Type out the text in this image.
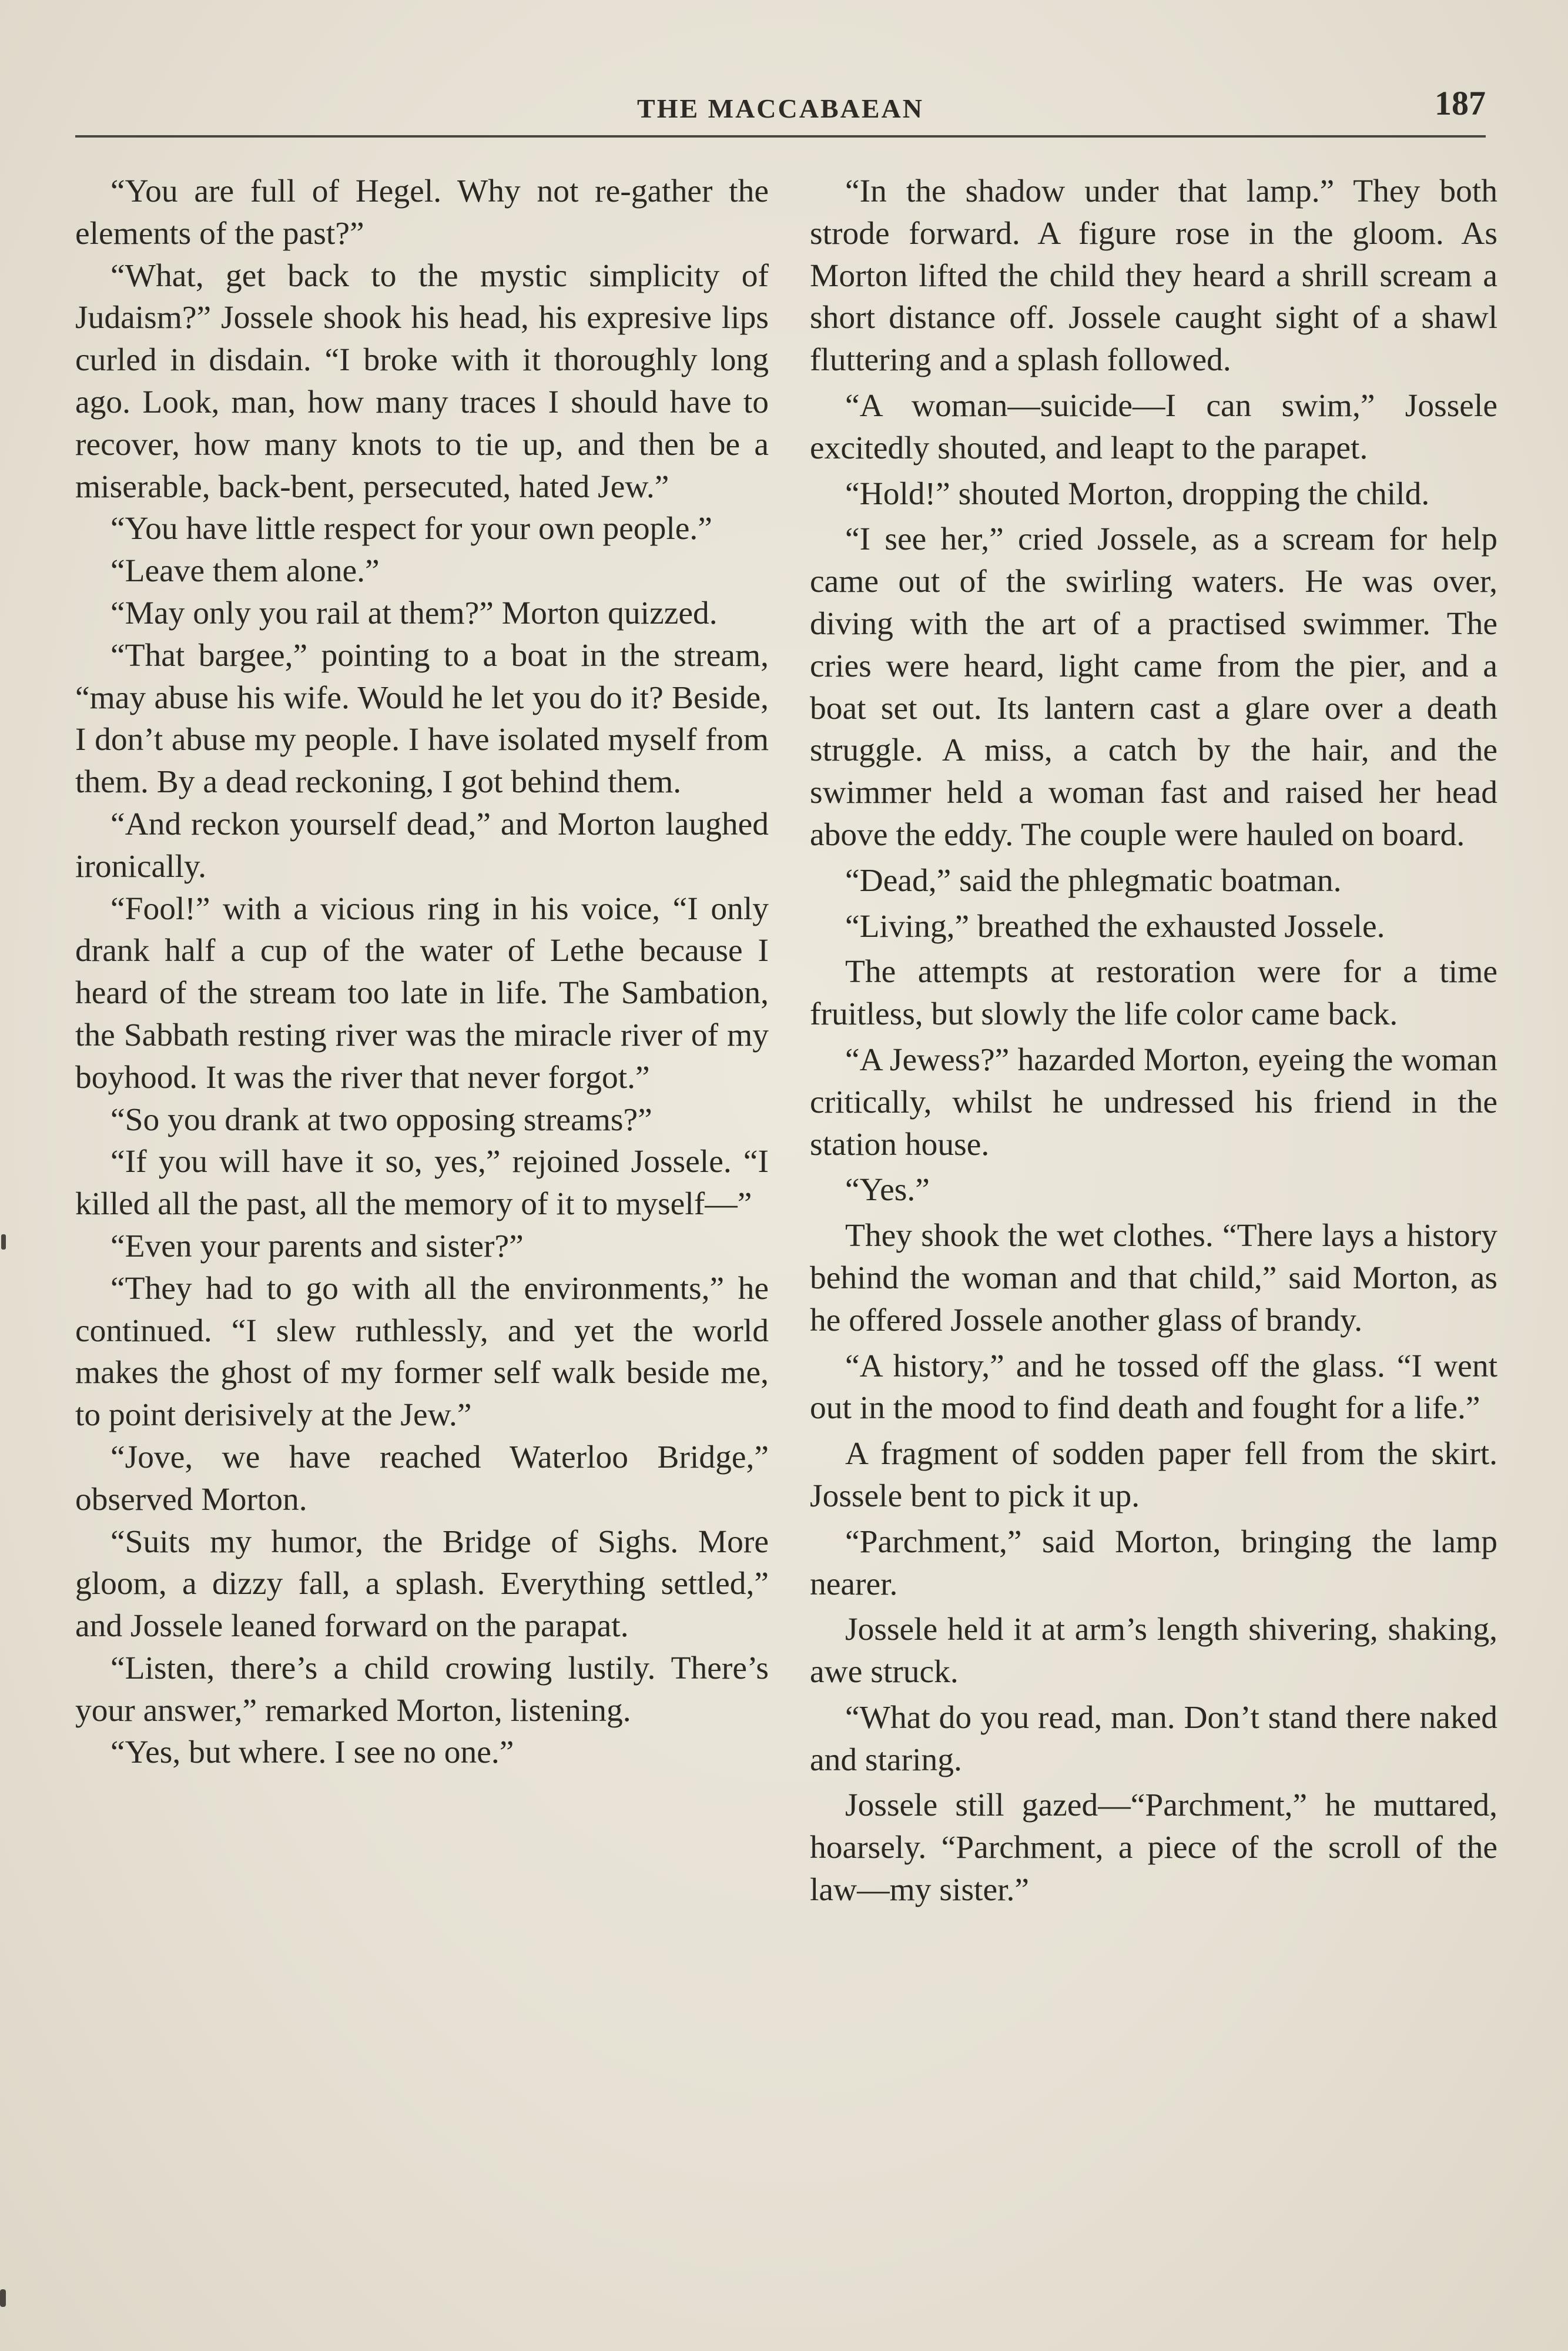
THE MACCABAEAN	187

“You are full of Hegel. Why not re-gather the elements of the past?”

“What, get back to the mystic simplicity of Judaism?” Jossele shook his head, his expresive lips curled in disdain. “I broke with it thoroughly long ago. Look, man, how many traces I should have to recover, how many knots to tie up, and then be a miserable, back-bent, persecuted, hated Jew.”

“You have little respect for your own people.”

“Leave them alone.”

“May only you rail at them?” Morton quizzed.

“That bargee,” pointing to a boat in the stream, “may abuse his wife. Would he let you do it? Beside, I don’t abuse my people. I have isolated myself from them. By a dead reckoning, I got behind them.

“And reckon yourself dead,” and Morton laughed ironically.

“Fool!” with a vicious ring in his voice, “I only drank half a cup of the water of Lethe because I heard of the stream too late in life. The Sambation, the Sabbath resting river was the miracle river of my boyhood. It was the river that never forgot.”

“So you drank at two opposing streams?”

“If you will have it so, yes,” rejoined Jossele. “I killed all the past, all the memory of it to myself—”

“Even your parents and sister?”

“They had to go with all the environments,” he continued. “I slew ruthlessly, and yet the world makes the ghost of my former self walk beside me, to point derisively at the Jew.”

“Jove, we have reached Waterloo Bridge,” observed Morton.

“Suits my humor, the Bridge of Sighs. More gloom, a dizzy fall, a splash. Everything settled,” and Jossele leaned forward on the parapat.

“Listen, there’s a child crowing lustily. There’s your answer,” remarked Morton, listening.

“Yes, but where. I see no one.”

“In the shadow under that lamp.” They both strode forward. A figure rose in the gloom. As Morton lifted the child they heard a shrill scream a short distance off. Jossele caught sight of a shawl fluttering and a splash followed.

“A woman—suicide—I can swim,” Jossele excitedly shouted, and leapt to the parapet.

“Hold!” shouted Morton, dropping the child.

“I see her,” cried Jossele, as a scream for help came out of the swirling waters. He was over, diving with the art of a practised swimmer. The cries were heard, light came from the pier, and a boat set out. Its lantern cast a glare over a death struggle. A miss, a catch by the hair, and the swimmer held a woman fast and raised her head above the eddy. The couple were hauled on board.

“Dead,” said the phlegmatic boatman.

“Living,” breathed the exhausted Jossele.

The attempts at restoration were for a time fruitless, but slowly the life color came back.

“A Jewess?” hazarded Morton, eyeing the woman critically, whilst he undressed his friend in the station house.

“Yes.”

They shook the wet clothes. “There lays a history behind the woman and that child,” said Morton, as he offered Jossele another glass of brandy.

“A history,” and he tossed off the glass. “I went out in the mood to find death and fought for a life.”

A fragment of sodden paper fell from the skirt. Jossele bent to pick it up.

“Parchment,” said Morton, bringing the lamp nearer.

Jossele held it at arm’s length shivering, shaking, awe struck.

“What do you read, man. Don’t stand there naked and staring.

Jossele still gazed—“Parchment,” he muttared, hoarsely. “Parchment, a piece of the scroll of the law—my sister.”
